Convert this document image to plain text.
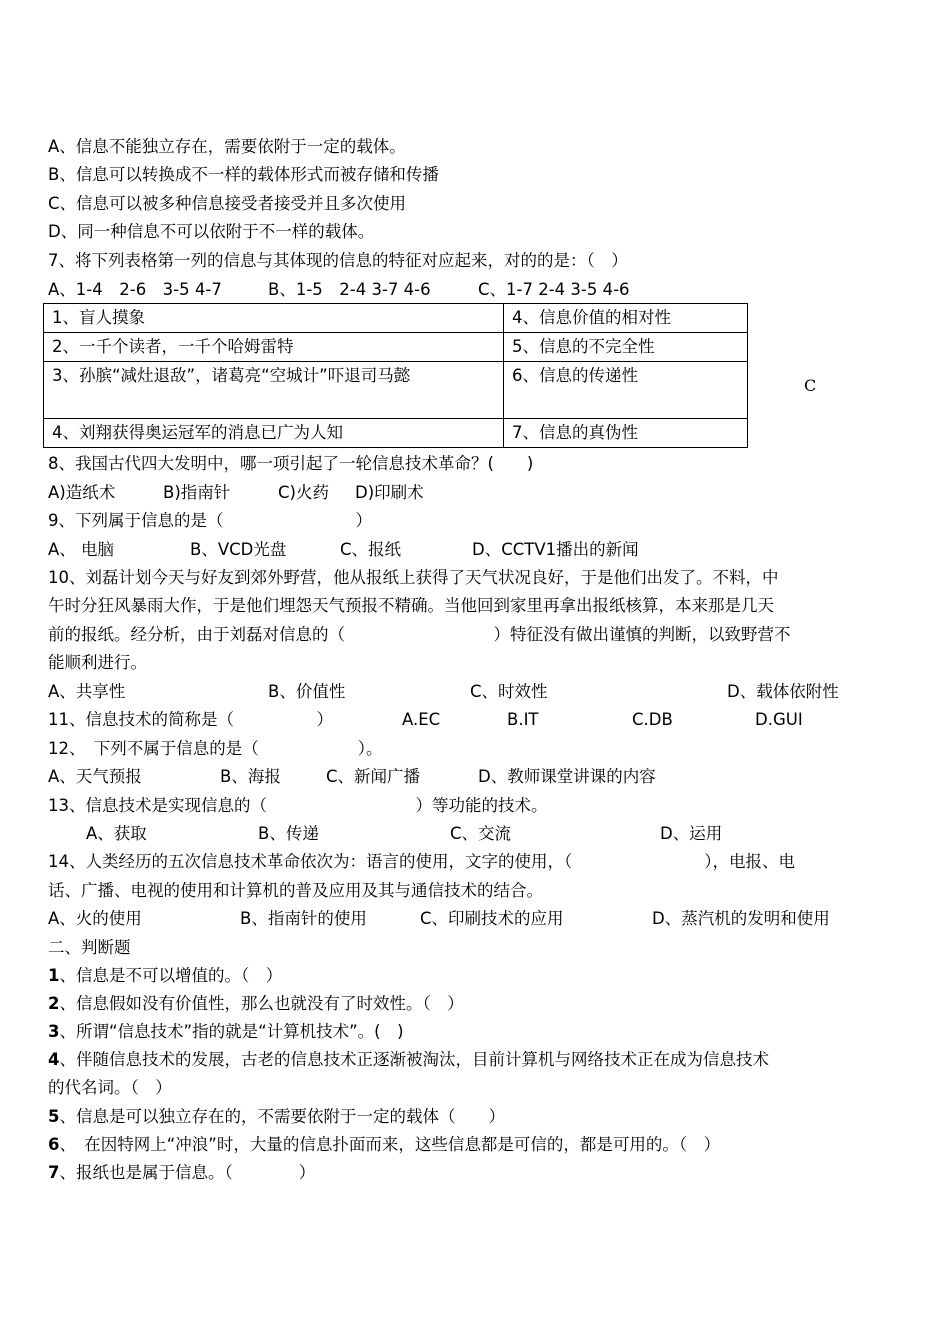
A、信息不能独立存在，需要依附于一定的载体。
B、信息可以转换成不一样的载体形式而被存储和传播
C、信息可以被多种信息接受者接受并且多次使用
D、同一种信息不可以依附于不一样的载体。
7、将下列表格第一列的信息与其体现的信息的特征对应起来，对的的是：（　）
A、1-4　2-6　3-5 4-7	B、1-5　2-4 3-7 4-6	C、1-7 2-4 3-5 4-6
1、盲人摸象	4、信息价值的相对性
2、一千个读者，一千个哈姆雷特	5、信息的不完全性
3、孙膑“减灶退敌”，诸葛亮“空城计”吓退司马懿	6、信息的传递性
4、刘翔获得奥运冠军的消息已广为人知	7、信息的真伪性
C
8、我国古代四大发明中，哪一项引起了一轮信息技术革命？(　　)
A)造纸术	B)指南针	C)火药 D)印刷术
9、下列属于信息的是（　　　　　　　　）
A、 电脑	B、VCD光盘	C、报纸	D、CCTV1播出的新闻
10、刘磊计划今天与好友到郊外野营，他从报纸上获得了天气状况良好，于是他们出发了。不料，中
午时分狂风暴雨大作，于是他们埋怨天气预报不精确。当他回到家里再拿出报纸核算，本来那是几天
前的报纸。经分析，由于刘磊对信息的（　　　　　　　　　）特征没有做出谨慎的判断，以致野营不
能顺利进行。
A、共享性	B、价值性	C、时效性	D、载体依附性
11、信息技术的简称是（　　　　　）	A.EC	B.IT	C.DB	D.GUI
12、　下列不属于信息的是（　　　　　　）。
A、天气预报	B、海报	C、新闻广播	D、教师课堂讲课的内容
13、信息技术是实现信息的（　　　　　　　　　）等功能的技术。
A、获取	B、传递	C、交流	D、运用
14、人类经历的五次信息技术革命依次为：语言的使用，文字的使用，（　　　　　　　　），电报、电
话、广播、电视的使用和计算机的普及应用及其与通信技术的结合。
A、火的使用	B、指南针的使用	C、印刷技术的应用	D、蒸汽机的发明和使用
二、判断题
1、信息是不可以增值的。（　）
2、信息假如没有价值性，那么也就没有了时效性。（　）
3、所谓“信息技术”指的就是“计算机技术”。(　)
4、伴随信息技术的发展，古老的信息技术正逐渐被淘汰，目前计算机与网络技术正在成为信息技术
的代名词。（　）
5、信息是可以独立存在的，不需要依附于一定的载体（　　）
6、　在因特网上“冲浪”时，大量的信息扑面而来，这些信息都是可信的，都是可用的。（　）
7、报纸也是属于信息。（　　　　）
